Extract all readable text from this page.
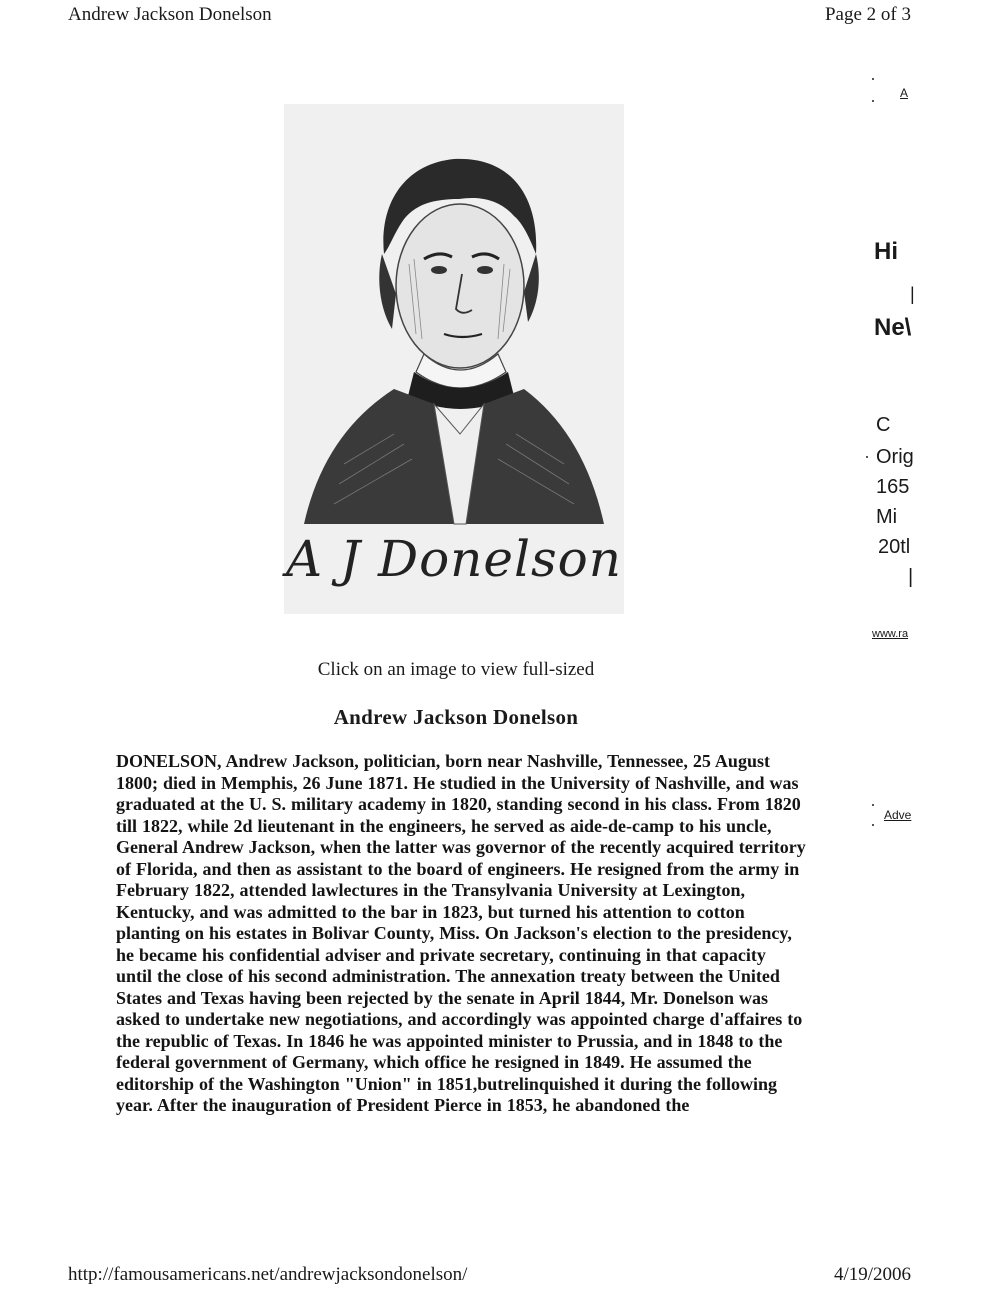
Andrew Jackson Donelson	Page 2 of 3
A J Donelson
Click on an image to view full-sized
Andrew Jackson Donelson
DONELSON, Andrew Jackson, politician, born near Nashville, Tennessee, 25 August 1800; died in Memphis, 26 June 1871. He studied in the University of Nashville, and was graduated at the U. S. military academy in 1820, standing second in his class. From 1820 till 1822, while 2d lieutenant in the engineers, he served as aide-de-camp to his uncle, General Andrew Jackson, when the latter was governor of the recently acquired territory of Florida, and then as assistant to the board of engineers. He resigned from the army in February 1822, attended lawlectures in the Transylvania University at Lexington, Kentucky, and was admitted to the bar in 1823, but turned his attention to cotton planting on his estates in Bolivar County, Miss. On Jackson's election to the presidency, he became his confidential adviser and private secretary, continuing in that capacity until the close of his second administration. The annexation treaty between the United States and Texas having been rejected by the senate in April 1844, Mr. Donelson was asked to undertake new negotiations, and accordingly was appointed charge d'affaires to the republic of Texas. In 1846 he was appointed minister to Prussia, and in 1848 to the federal government of Germany, which office he resigned in 1849. He assumed the editorship of the Washington "Union" in 1851,butrelinquished it during the following year. After the inauguration of President Pierce in 1853, he abandoned the
A
Hi
|
Ne\
C
Orig
165
Mi
20tl
|
www.ra
Adve
http://famousamericans.net/andrewjacksondonelson/	4/19/2006
